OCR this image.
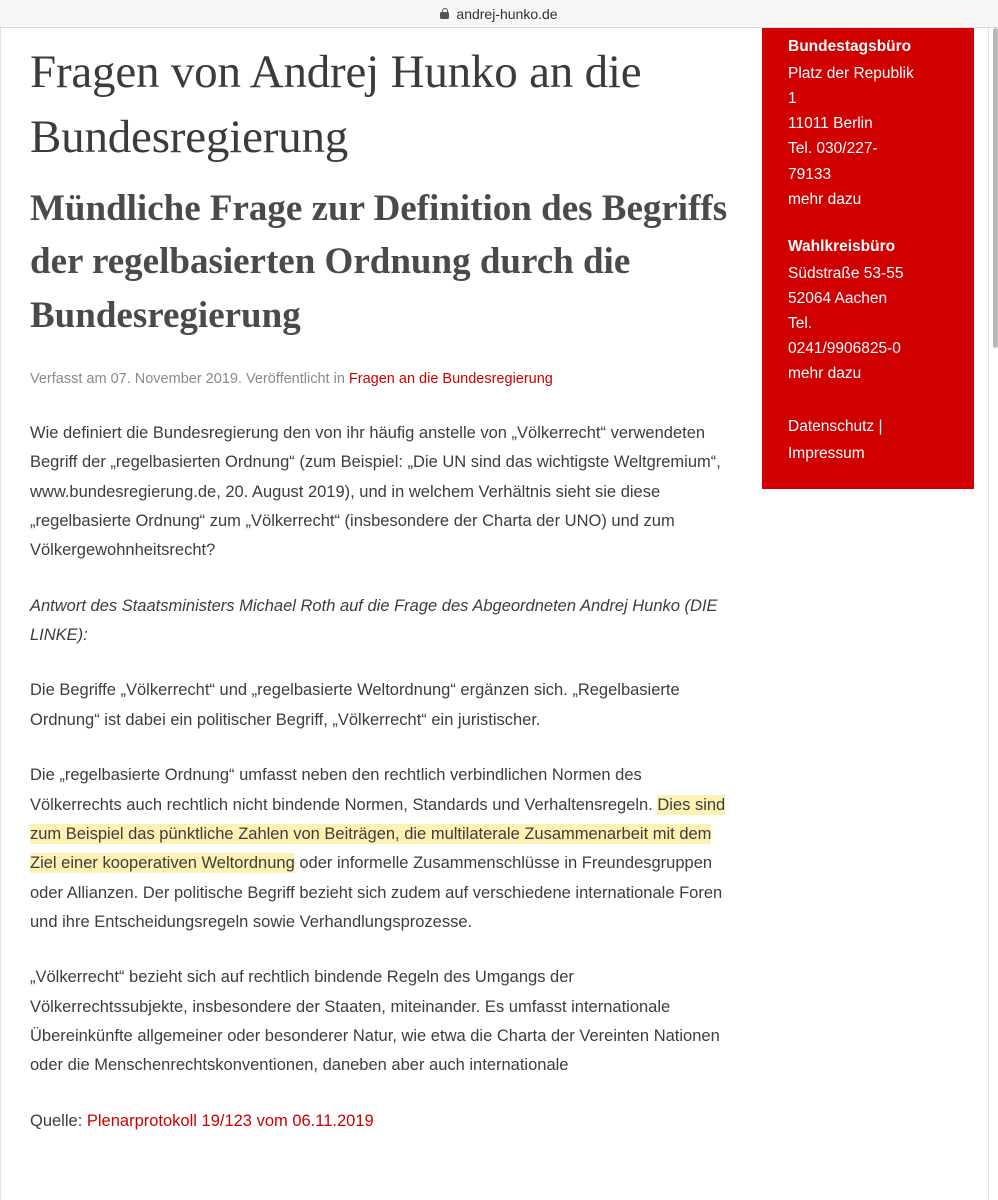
andrej-hunko.de

Bundestagsbüro

Platz der Republik

1

11011 Berlin

Tel. 030/227-

79133

mehr dazu

Wahlkreisbüro

Südstraße 53-55

52064 Aachen

Tel.

0241/9906825-0

mehr dazu

Datenschutz |
Impressum
Fragen von Andrej Hunko an die Bundesregierung
Mündliche Frage zur Definition des Begriffs der regelbasierten Ordnung durch die Bundesregierung
Verfasst am 07. November 2019. Veröffentlicht in Fragen an die Bundesregierung

Wie definiert die Bundesregierung den von ihr häufig anstelle von „Völkerrecht“ verwendeten Begriff der „regelbasierten Ordnung“ (zum Beispiel: „Die UN sind das wichtigste Weltgremium“, www.bundesregierung.de, 20. August 2019), und in welchem Verhältnis sieht sie diese „regelbasierte Ordnung“ zum „Völkerrecht“ (insbesondere der Charta der UNO) und zum Völkergewohnheitsrecht?

Antwort des Staatsministers Michael Roth auf die Frage des Abgeordneten Andrej Hunko (DIE LINKE):

Die Begriffe „Völkerrecht“ und „regelbasierte Weltordnung“ ergänzen sich. „Regelbasierte Ordnung“ ist dabei ein politischer Begriff, „Völkerrecht“ ein juristischer.

Die „regelbasierte Ordnung“ umfasst neben den rechtlich verbindlichen Normen des Völkerrechts auch rechtlich nicht bindende Normen, Standards und Verhaltensregeln. Dies sind zum Beispiel das pünktliche Zahlen von Beiträgen, die multilaterale Zusammenarbeit mit dem Ziel einer kooperativen Weltordnung oder informelle Zusammenschlüsse in Freundesgruppen oder Allianzen. Der politische Begriff bezieht sich zudem auf verschiedene internationale Foren und ihre Entscheidungsregeln sowie Verhandlungsprozesse.

„Völkerrecht“ bezieht sich auf rechtlich bindende Regeln des Umgangs der Völkerrechtssubjekte, insbesondere der Staaten, miteinander. Es umfasst internationale Übereinkünfte allgemeiner oder besonderer Natur, wie etwa die Charta der Vereinten Nationen oder die Menschenrechtskonventionen, daneben aber auch internationale

Quelle: Plenarprotokoll 19/123 vom 06.11.2019
